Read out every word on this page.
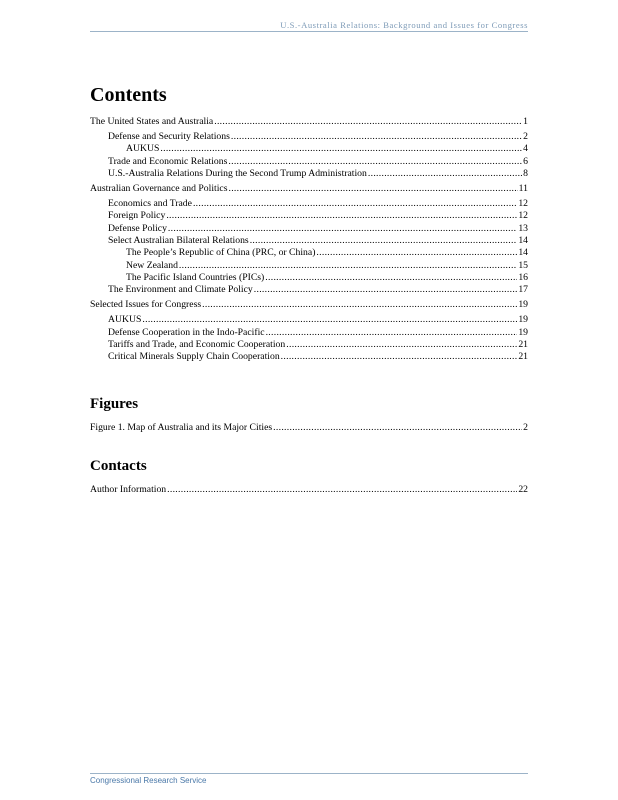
U.S.-Australia Relations: Background and Issues for Congress
Contents
The United States and Australia .....	1
Defense and Security Relations .....	2
AUKUS .....	4
Trade and Economic Relations .....	6
U.S.-Australia Relations During the Second Trump Administration .....	8
Australian Governance and Politics .....	11
Economics and Trade .....	12
Foreign Policy .....	12
Defense Policy .....	13
Select Australian Bilateral Relations .....	14
The People’s Republic of China (PRC, or China) .....	14
New Zealand .....	15
The Pacific Island Countries (PICs) .....	16
The Environment and Climate Policy .....	17
Selected Issues for Congress .....	19
AUKUS .....	19
Defense Cooperation in the Indo-Pacific .....	19
Tariffs and Trade, and Economic Cooperation .....	21
Critical Minerals Supply Chain Cooperation .....	21
Figures
Figure 1. Map of Australia and its Major Cities .....	2
Contacts
Author Information .....	22
Congressional Research Service
